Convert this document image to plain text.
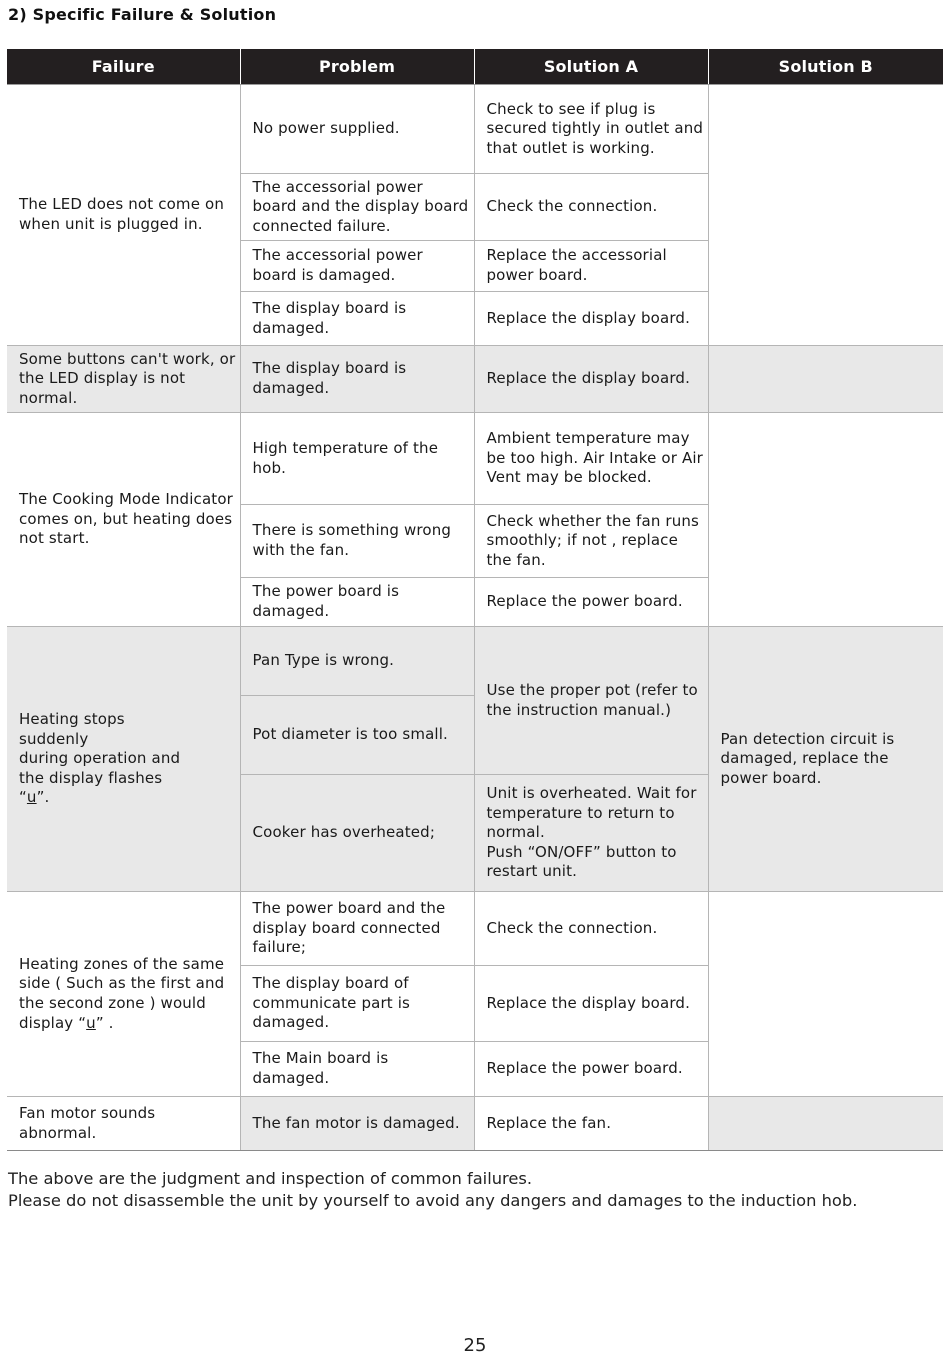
2) Specific Failure & Solution
Failure	Problem	Solution A	Solution B
The LED does not come on when unit is plugged in.	No power supplied.	Check to see if plug is secured tightly in outlet and that outlet is working.	
	The accessorial power board and the display board connected failure.	Check the connection.	
	The accessorial power board is damaged.	Replace the accessorial power board.	
	The display board is damaged.	Replace the display board.	
Some buttons can't work, or the LED display is not normal.	The display board is damaged.	Replace the display board.	
The Cooking Mode Indicator comes on, but heating does not start.	High temperature of the hob.	Ambient temperature may be too high. Air Intake or Air Vent may be blocked.	
	There is something wrong with the fan.	Check whether the fan runs smoothly; if not , replace the fan.	
	The power board is damaged.	Replace the power board.	
Heating stops
suddenly
during operation and
the display flashes
“u”.	Pan Type is wrong.	Use the proper pot (refer to the instruction manual.)	Pan detection circuit is damaged, replace the power board.
	Pot diameter is too small.		
	Cooker has overheated;	Unit is overheated. Wait for temperature to return to normal.
Push “ON/OFF” button to restart unit.	
Heating zones of the same side ( Such as the first and the second zone ) would display “u” .	The power board and the display board connected failure;	Check the connection.	
	The display board of communicate part is damaged.	Replace the display board.	
	The Main board is damaged.	Replace the power board.	
Fan motor sounds abnormal.	The fan motor is damaged.	Replace the fan.	
The above are the judgment and inspection of common failures.
Please do not disassemble the unit by yourself to avoid any dangers and damages to the induction hob.
25
